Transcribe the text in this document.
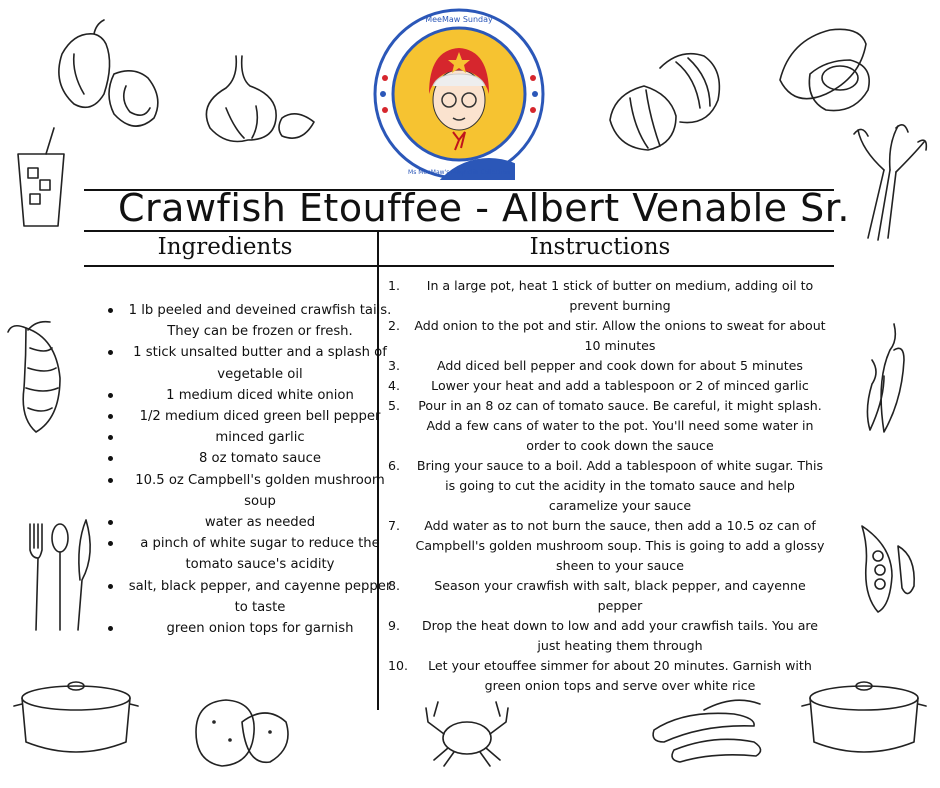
MeeMaw Sunday
Ms MeeMaw's Magnolia Collection
Crawfish Etouffee - Albert Venable Sr.
Ingredients	Instructions
1 lb peeled and deveined crawfish tails. They can be frozen or fresh.
1 stick unsalted butter and a splash of vegetable oil
1 medium diced white onion
1/2 medium diced green bell pepper
minced garlic
8 oz tomato sauce
10.5 oz Campbell's golden mushroom soup
water as needed
a pinch of white sugar to reduce the tomato sauce's acidity
salt, black pepper, and cayenne pepper to taste
green onion tops for garnish
1.	In a large pot, heat 1 stick of butter on medium, adding oil to prevent burning
2.	Add onion to the pot and stir. Allow the onions to sweat for about 10 minutes
3.	Add diced bell pepper and cook down for about 5 minutes
4.	Lower your heat and add a tablespoon or 2 of minced garlic
5.	Pour in an 8 oz can of tomato sauce. Be careful, it might splash. Add a few cans of water to the pot. You'll need some water in order to cook down the sauce
6.	Bring your sauce to a boil. Add a tablespoon of white sugar. This is going to cut the acidity in the tomato sauce and help caramelize your sauce
7.	Add water as to not burn the sauce, then add a 10.5 oz can of Campbell's golden mushroom soup. This is going to add a glossy sheen to your sauce
8.	Season your crawfish with salt, black pepper, and cayenne pepper
9.	Drop the heat down to low and add your crawfish tails. You are just heating them through
10.	Let your etouffee simmer for about 20 minutes. Garnish with green onion tops and serve over white rice
